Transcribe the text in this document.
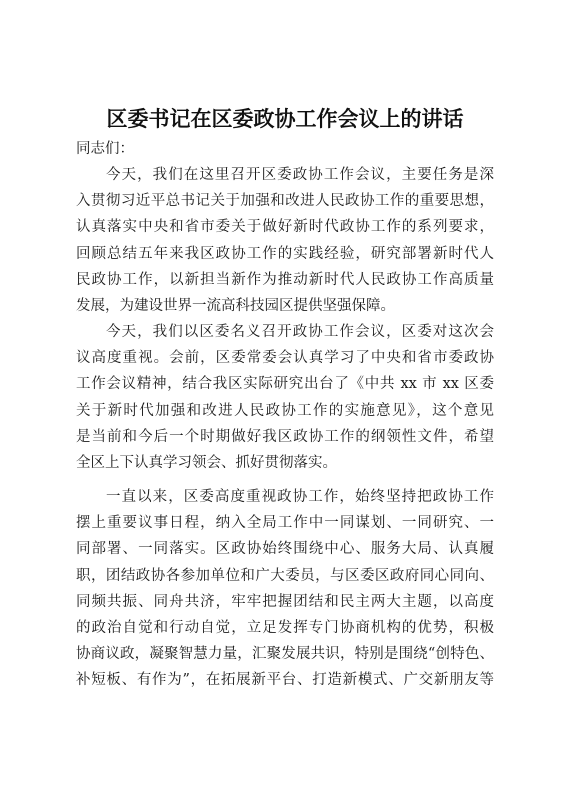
区委书记在区委政协工作会议上的讲话

同志们：

今天，我们在这里召开区委政协工作会议，主要任务是深
入贯彻习近平总书记关于加强和改进人民政协工作的重要思想，
认真落实中央和省市委关于做好新时代政协工作的系列要求，
回顾总结五年来我区政协工作的实践经验，研究部署新时代人
民政协工作，以新担当新作为推动新时代人民政协工作高质量
发展，为建设世界一流高科技园区提供坚强保障。
今天，我们以区委名义召开政协工作会议，区委对这次会
议高度重视。会前，区委常委会认真学习了中央和省市委政协
工作会议精神，结合我区实际研究出台了《中共 xx 市 xx 区委
关于新时代加强和改进人民政协工作的实施意见》，这个意见
是当前和今后一个时期做好我区政协工作的纲领性文件，希望
全区上下认真学习领会、抓好贯彻落实。
一直以来，区委高度重视政协工作，始终坚持把政协工作
摆上重要议事日程，纳入全局工作中一同谋划、一同研究、一
同部署、一同落实。区政协始终围绕中心、服务大局、认真履
职，团结政协各参加单位和广大委员，与区委区政府同心同向、
同频共振、同舟共济，牢牢把握团结和民主两大主题，以高度
的政治自觉和行动自觉，立足发挥专门协商机构的优势，积极
协商议政，凝聚智慧力量，汇聚发展共识，特别是围绕“创特色、
补短板、有作为”，在拓展新平台、打造新模式、广交新朋友等
